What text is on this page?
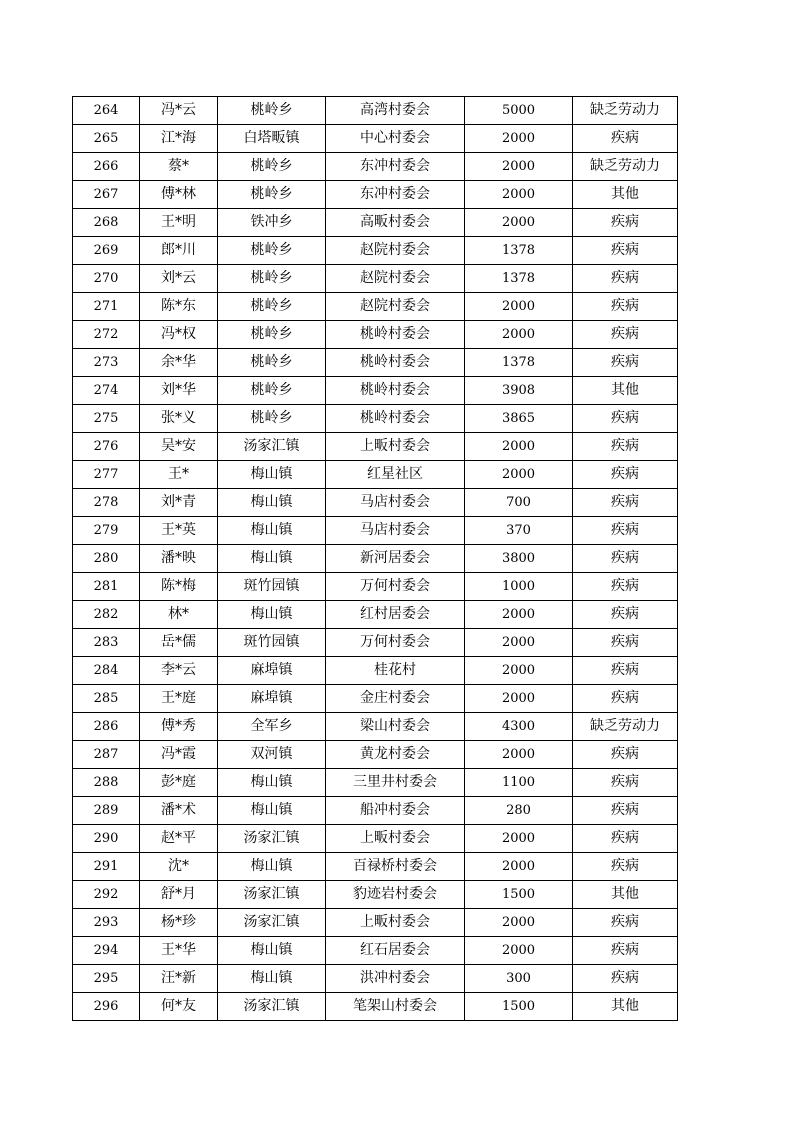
264	冯*云	桃岭乡	高湾村委会	5000	缺乏劳动力
265	江*海	白塔畈镇	中心村委会	2000	疾病
266	蔡*	桃岭乡	东冲村委会	2000	缺乏劳动力
267	傅*林	桃岭乡	东冲村委会	2000	其他
268	王*明	铁冲乡	高畈村委会	2000	疾病
269	郎*川	桃岭乡	赵院村委会	1378	疾病
270	刘*云	桃岭乡	赵院村委会	1378	疾病
271	陈*东	桃岭乡	赵院村委会	2000	疾病
272	冯*权	桃岭乡	桃岭村委会	2000	疾病
273	余*华	桃岭乡	桃岭村委会	1378	疾病
274	刘*华	桃岭乡	桃岭村委会	3908	其他
275	张*义	桃岭乡	桃岭村委会	3865	疾病
276	吴*安	汤家汇镇	上畈村委会	2000	疾病
277	王*	梅山镇	红星社区	2000	疾病
278	刘*青	梅山镇	马店村委会	700	疾病
279	王*英	梅山镇	马店村委会	370	疾病
280	潘*映	梅山镇	新河居委会	3800	疾病
281	陈*梅	斑竹园镇	万何村委会	1000	疾病
282	林*	梅山镇	红村居委会	2000	疾病
283	岳*儒	斑竹园镇	万何村委会	2000	疾病
284	李*云	麻埠镇	桂花村	2000	疾病
285	王*庭	麻埠镇	金庄村委会	2000	疾病
286	傅*秀	全军乡	梁山村委会	4300	缺乏劳动力
287	冯*霞	双河镇	黄龙村委会	2000	疾病
288	彭*庭	梅山镇	三里井村委会	1100	疾病
289	潘*术	梅山镇	船冲村委会	280	疾病
290	赵*平	汤家汇镇	上畈村委会	2000	疾病
291	沈*	梅山镇	百禄桥村委会	2000	疾病
292	舒*月	汤家汇镇	豹迹岩村委会	1500	其他
293	杨*珍	汤家汇镇	上畈村委会	2000	疾病
294	王*华	梅山镇	红石居委会	2000	疾病
295	汪*新	梅山镇	洪冲村委会	300	疾病
296	何*友	汤家汇镇	笔架山村委会	1500	其他
